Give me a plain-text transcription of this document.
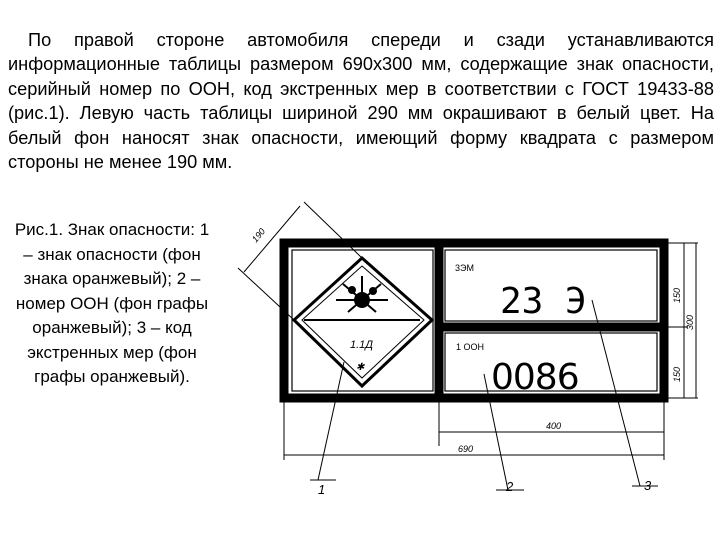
По правой стороне автомобиля спереди и сзади устанавливаются информационные таблицы размером 690х300 мм, содержащие знак опасности, серийный номер по ООН, код экстренных мер в соответствии с ГОСТ 19433-88 (рис.1). Левую часть таблицы шириной 290 мм окрашивают в белый цвет. На белый фон наносят знак опасности, имеющий форму квадрата с размером стороны не менее 190 мм.

Рис.1. Знак опасности: 1 – знак опасности (фон знака оранжевый); 2 – номер ООН (фон графы оранжевый); 3 – код экстренных мер (фон графы оранжевый).

1.1Д
✱
3ЭМ
1 ООН
23 Э
0086
190
150
150
300
400
690
1	2	3
